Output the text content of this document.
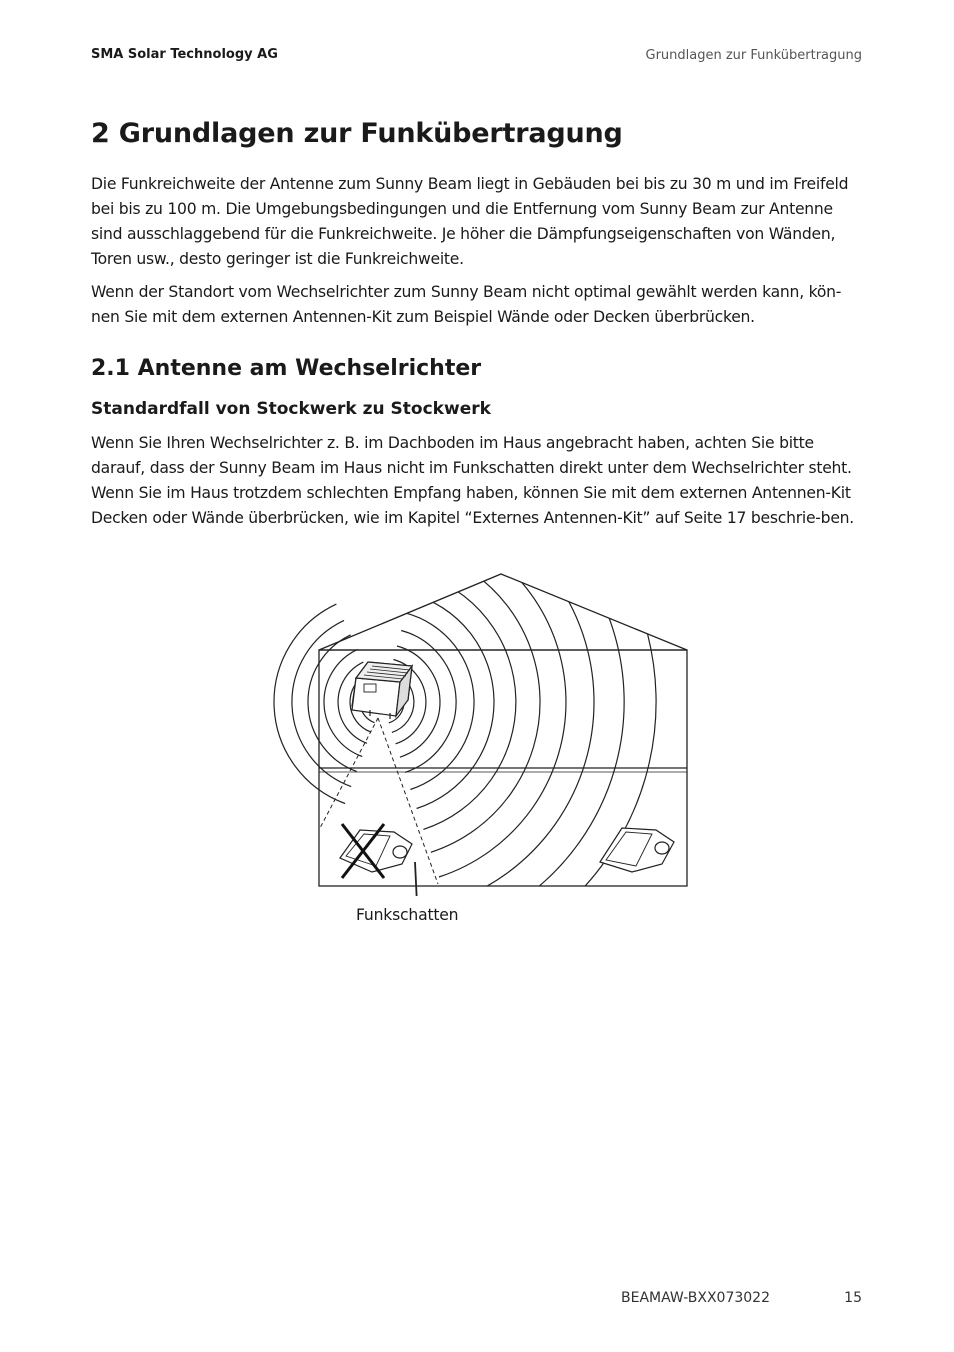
SMA Solar Technology AG	Grundlagen zur Funkübertragung
2 Grundlagen zur Funkübertragung

Die Funkreichweite der Antenne zum Sunny Beam liegt in Gebäuden bei bis zu 30 m und im Freifeld bei bis zu 100 m. Die Umgebungsbedingungen und die Entfernung vom Sunny Beam zur Antenne sind ausschlaggebend für die Funkreichweite. Je höher die Dämpfungseigenschaften von Wänden, Toren usw., desto geringer ist die Funkreichweite.

Wenn der Standort vom Wechselrichter zum Sunny Beam nicht optimal gewählt werden kann, kön-nen Sie mit dem externen Antennen-Kit zum Beispiel Wände oder Decken überbrücken.

2.1 Antenne am Wechselrichter
Standardfall von Stockwerk zu Stockwerk

Wenn Sie Ihren Wechselrichter z. B. im Dachboden im Haus angebracht haben, achten Sie bitte darauf, dass der Sunny Beam im Haus nicht im Funkschatten direkt unter dem Wechselrichter steht. Wenn Sie im Haus trotzdem schlechten Empfang haben, können Sie mit dem externen Antennen-Kit Decken oder Wände überbrücken, wie im Kapitel “Externes Antennen-Kit” auf Seite 17 beschrie-ben.

Funkschatten
BEAMAW-BXX073022	15
